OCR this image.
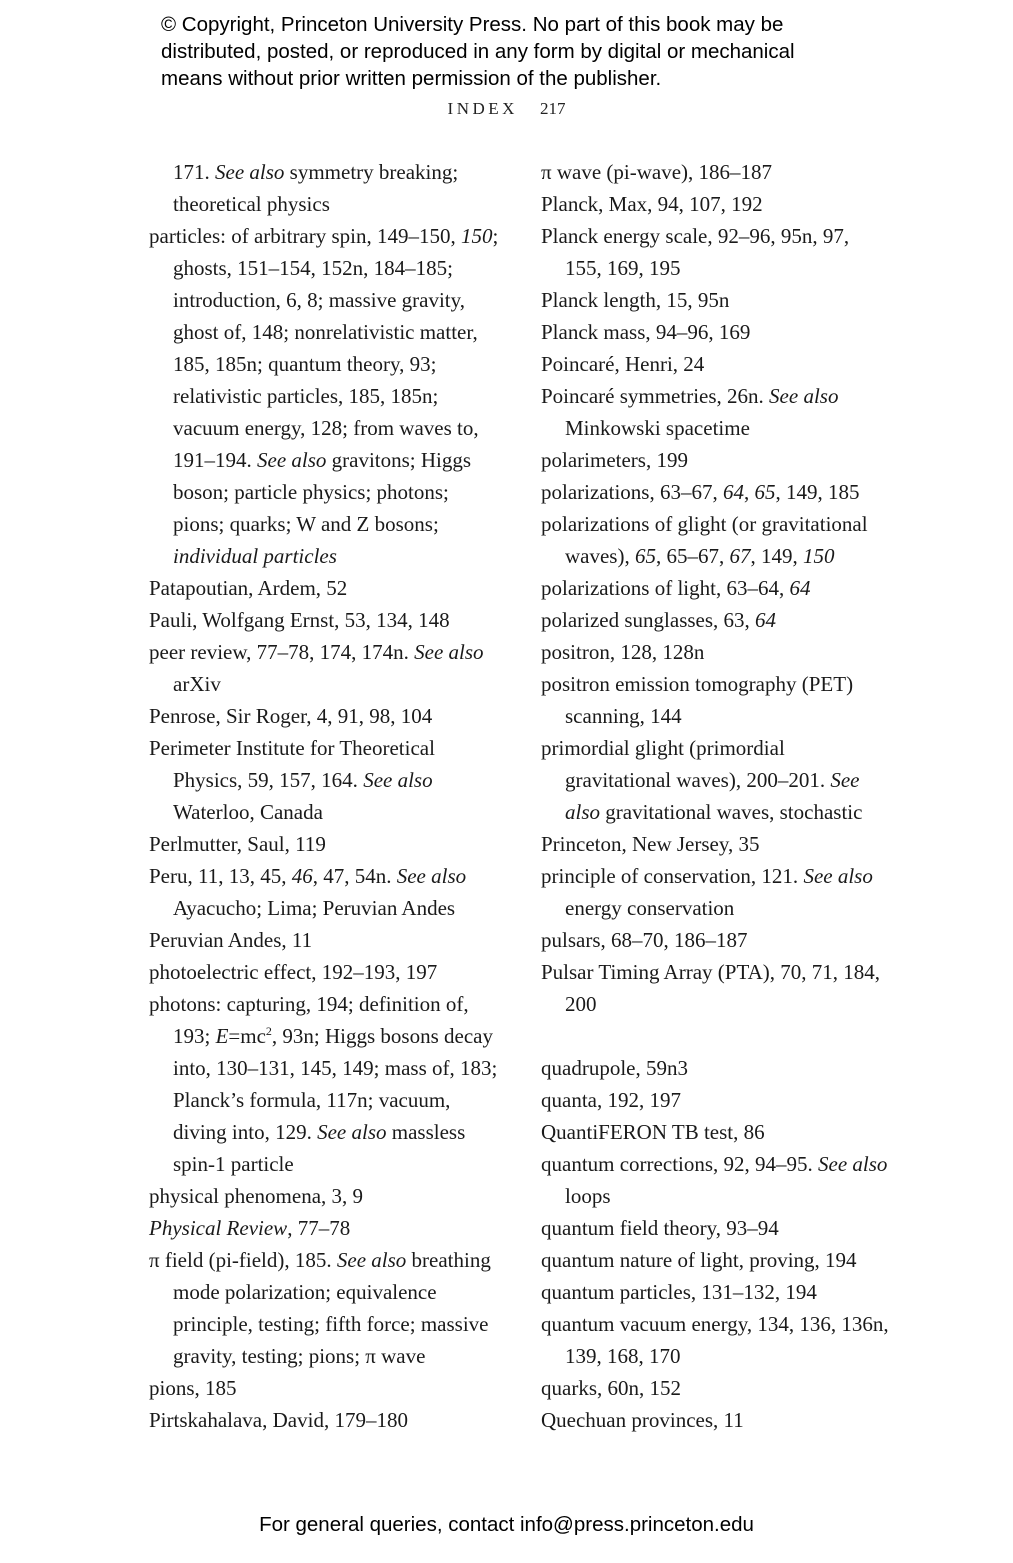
© Copyright, Princeton University Press. No part of this book may be
distributed, posted, or reproduced in any form by digital or mechanical
means without prior written permission of the publisher.
INDEX 217
171. See also symmetry breaking; theoretical physics
particles: of arbitrary spin, 149–150, 150; ghosts, 151–154, 152n, 184–185; introduction, 6, 8; massive gravity, ghost of, 148; nonrelativistic matter, 185, 185n; quantum theory, 93; relativistic particles, 185, 185n; vacuum energy, 128; from waves to, 191–194. See also gravitons; Higgs boson; particle physics; photons; pions; quarks; W and Z bosons; individual particles
Patapoutian, Ardem, 52
Pauli, Wolfgang Ernst, 53, 134, 148
peer review, 77–78, 174, 174n. See also arXiv
Penrose, Sir Roger, 4, 91, 98, 104
Perimeter Institute for Theoretical Physics, 59, 157, 164. See also Waterloo, Canada
Perlmutter, Saul, 119
Peru, 11, 13, 45, 46, 47, 54n. See also Ayacucho; Lima; Peruvian Andes
Peruvian Andes, 11
photoelectric effect, 192–193, 197
photons: capturing, 194; definition of, 193; $E=mc^2$, 93n; Higgs bosons decay into, 130–131, 145, 149; mass of, 183; Planck’s formula, 117n; vacuum, diving into, 129. See also massless spin-1 particle
physical phenomena, 3, 9
Physical Review, 77–78
π field (pi-field), 185. See also breathing mode polarization; equivalence principle, testing; fifth force; massive gravity, testing; pions; π wave
pions, 185
Pirtskahalava, David, 179–180
π wave (pi-wave), 186–187
Planck, Max, 94, 107, 192
Planck energy scale, 92–96, 95n, 97, 155, 169, 195
Planck length, 15, 95n
Planck mass, 94–96, 169
Poincaré, Henri, 24
Poincaré symmetries, 26n. See also Minkowski spacetime
polarimeters, 199
polarizations, 63–67, 64, 65, 149, 185
polarizations of glight (or gravitational waves), 65, 65–67, 67, 149, 150
polarizations of light, 63–64, 64
polarized sunglasses, 63, 64
positron, 128, 128n
positron emission tomography (PET) scanning, 144
primordial glight (primordial gravitational waves), 200–201. See also gravitational waves, stochastic
Princeton, New Jersey, 35
principle of conservation, 121. See also energy conservation
pulsars, 68–70, 186–187
Pulsar Timing Array (PTA), 70, 71, 184, 200
quadrupole, 59n3
quanta, 192, 197
QuantiFERON TB test, 86
quantum corrections, 92, 94–95. See also loops
quantum field theory, 93–94
quantum nature of light, proving, 194
quantum particles, 131–132, 194
quantum vacuum energy, 134, 136, 136n, 139, 168, 170
quarks, 60n, 152
Quechuan provinces, 11
For general queries, contact info@press.princeton.edu
